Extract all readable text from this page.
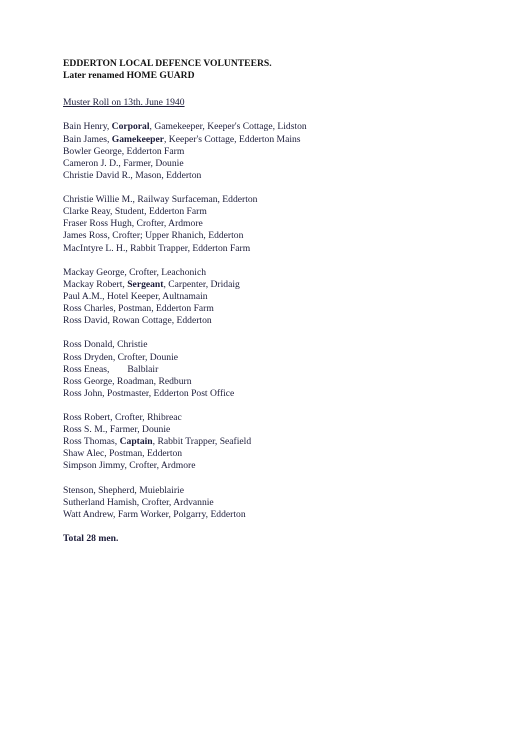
EDDERTON LOCAL DEFENCE VOLUNTEERS.
Later renamed HOME GUARD
Muster Roll on 13th. June 1940
Bain Henry, Corporal, Gamekeeper, Keeper's Cottage, Lidston
Bain James, Gamekeeper, Keeper's Cottage, Edderton Mains
Bowler George, Edderton Farm
Cameron J. D., Farmer, Dounie
Christie David R., Mason, Edderton
Christie Willie M., Railway Surfaceman, Edderton
Clarke Reay, Student, Edderton Farm
Fraser Ross Hugh, Crofter, Ardmore
James Ross, Crofter; Upper Rhanich, Edderton
MacIntyre L. H., Rabbit Trapper, Edderton Farm
Mackay George, Crofter, Leachonich
Mackay Robert, Sergeant, Carpenter, Dridaig
Paul A.M., Hotel Keeper, Aultnamain
Ross Charles, Postman, Edderton Farm
Ross David, Rowan Cottage, Edderton
Ross Donald, Christie
Ross Dryden, Crofter, Dounie
Ross Eneas, Balblair
Ross George, Roadman, Redburn
Ross John, Postmaster, Edderton Post Office
Ross Robert, Crofter, Rhibreac
Ross S. M., Farmer, Dounie
Ross Thomas, Captain, Rabbit Trapper, Seafield
Shaw Alec, Postman, Edderton
Simpson Jimmy, Crofter, Ardmore
Stenson, Shepherd, Muieblairie
Sutherland Hamish, Crofter, Ardvannie
Watt Andrew, Farm Worker, Polgarry, Edderton
Total 28 men.
